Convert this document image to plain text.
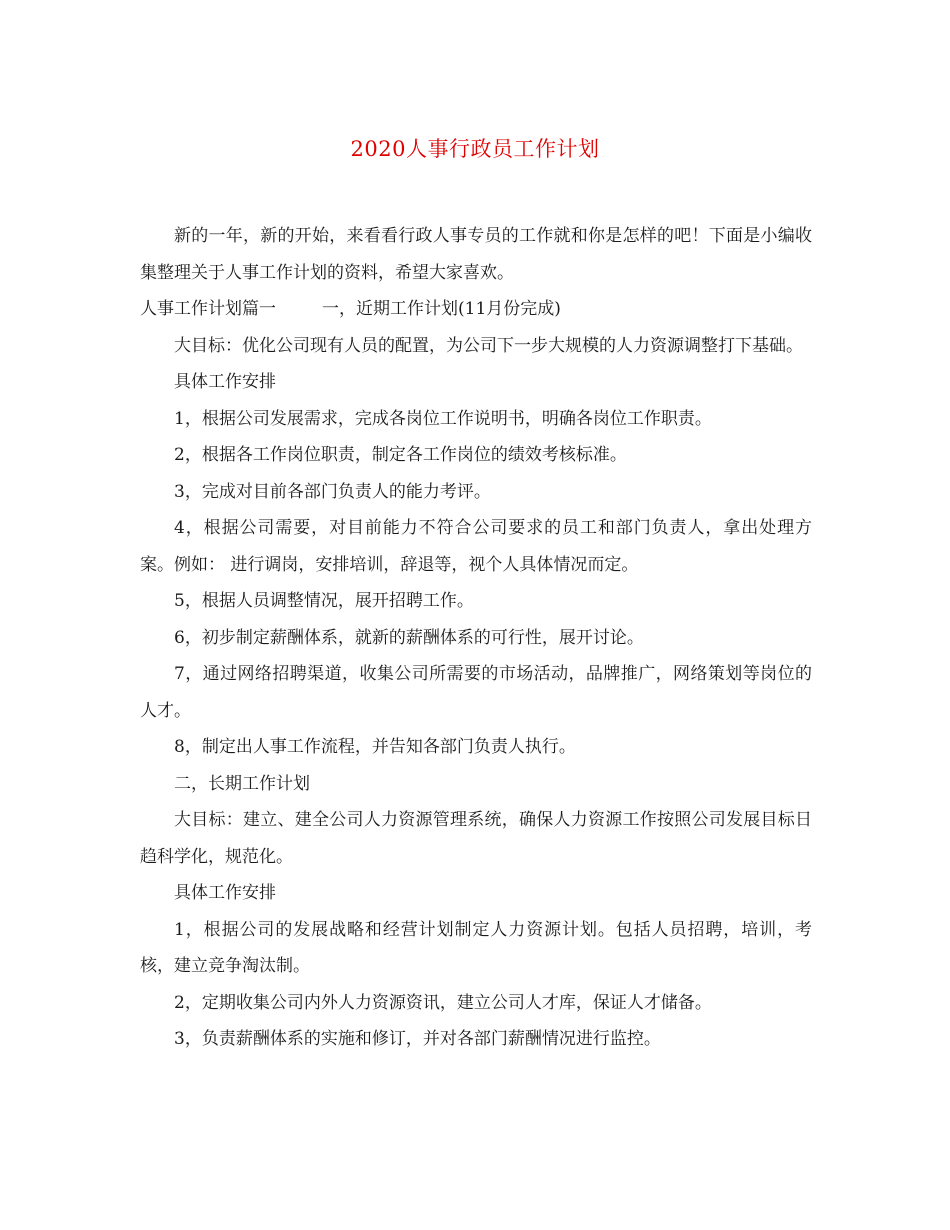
2020人事行政员工作计划

新的一年，新的开始，来看看行政人事专员的工作就和你是怎样的吧！下面是小编收集整理关于人事工作计划的资料，希望大家喜欢。

人事工作计划篇一	一，近期工作计划(11月份完成)

大目标：优化公司现有人员的配置，为公司下一步大规模的人力资源调整打下基础。

具体工作安排

1，根据公司发展需求，完成各岗位工作说明书，明确各岗位工作职责。

2，根据各工作岗位职责，制定各工作岗位的绩效考核标准。

3，完成对目前各部门负责人的能力考评。

4，根据公司需要，对目前能力不符合公司要求的员工和部门负责人，拿出处理方案。例如： 进行调岗，安排培训，辞退等，视个人具体情况而定。

5，根据人员调整情况，展开招聘工作。

6，初步制定薪酬体系，就新的薪酬体系的可行性，展开讨论。

7，通过网络招聘渠道，收集公司所需要的市场活动，品牌推广，网络策划等岗位的人才。

8，制定出人事工作流程，并告知各部门负责人执行。

二，长期工作计划

大目标：建立、建全公司人力资源管理系统，确保人力资源工作按照公司发展目标日趋科学化，规范化。

具体工作安排

1，根据公司的发展战略和经营计划制定人力资源计划。包括人员招聘，培训，考核，建立竞争淘汰制。

2，定期收集公司内外人力资源资讯，建立公司人才库，保证人才储备。

3，负责薪酬体系的实施和修订，并对各部门薪酬情况进行监控。
